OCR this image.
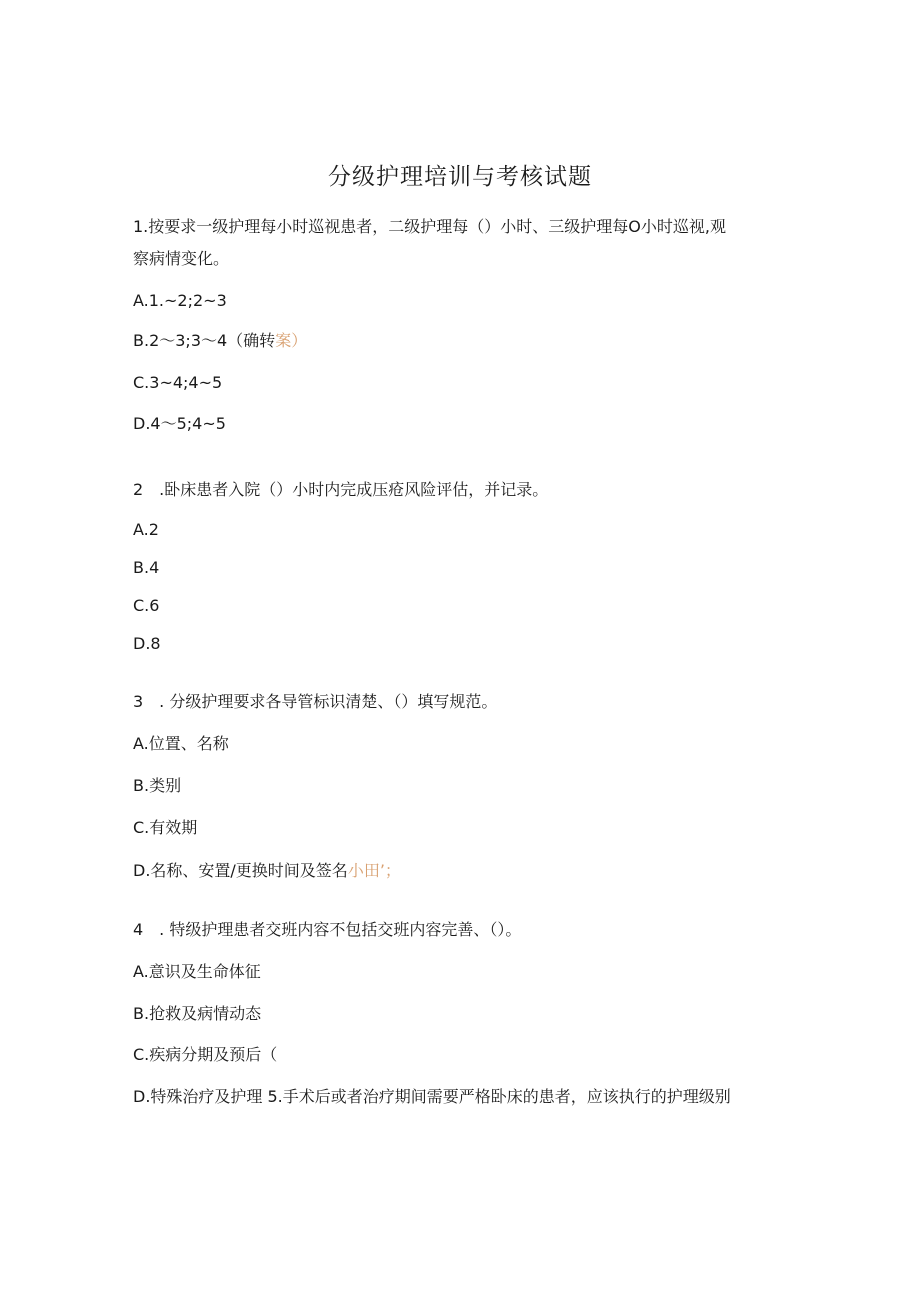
分级护理培训与考核试题
1.按要求一级护理每小时巡视患者，二级护理每（）小时、三级护理每O小时巡视,观
察病情变化。
A.1.~2;2~3
B.2～3;3～4（确转案）
C.3~4;4~5
D.4～5;4~5
2　.卧床患者入院（）小时内完成压疮风险评估，并记录。
A.2
B.4
C.6
D.8
3　. 分级护理要求各导管标识清楚、（）填写规范。
A.位置、名称
B.类别
C.有效期
D.名称、安置/更换时间及签名小田’；
4　. 特级护理患者交班内容不包括交班内容完善、（）。
A.意识及生命体征
B.抢救及病情动态
C.疾病分期及预后（
D.特殊治疗及护理 5.手术后或者治疗期间需要严格卧床的患者，应该执行的护理级别
